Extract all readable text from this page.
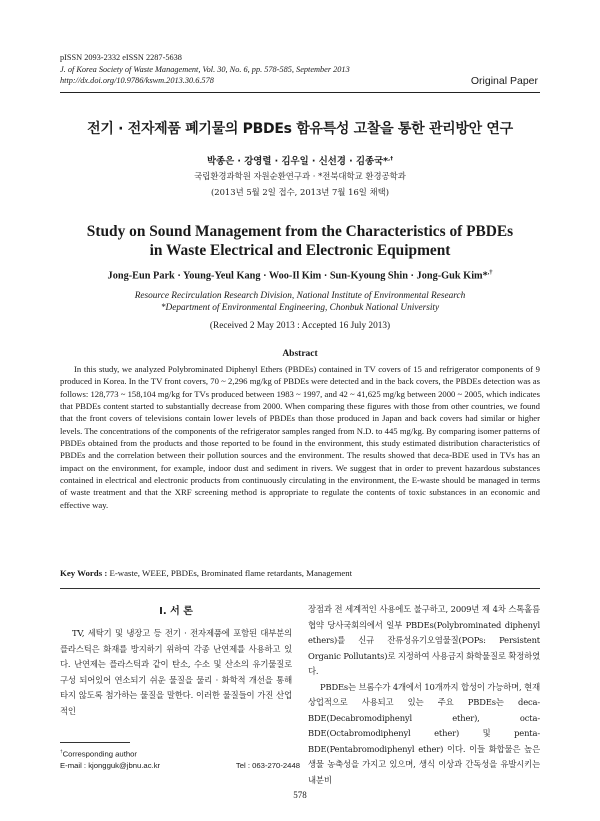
pISSN 2093-2332 eISSN 2287-5638
J. of Korea Society of Waste Management, Vol. 30, No. 6, pp. 578-585, September 2013
http://dx.doi.org/10.9786/kswm.2013.30.6.578	Original Paper
전기 · 전자제품 폐기물의 PBDEs 함유특성 고찰을 통한 관리방안 연구
박종은 · 강영렬 · 김우일 · 신선경 · 김종국*,†
국립환경과학원 자원순환연구과 · *전북대학교 환경공학과
(2013년 5월 2일 접수, 2013년 7월 16일 채택)
Study on Sound Management from the Characteristics of PBDEs
in Waste Electrical and Electronic Equipment
Jong-Eun Park · Young-Yeul Kang · Woo-Il Kim · Sun-Kyoung Shin · Jong-Guk Kim*,†
Resource Recirculation Research Division, National Institute of Environmental Research
*Department of Environmental Engineering, Chonbuk National University
(Received 2 May 2013 : Accepted 16 July 2013)
Abstract

In this study, we analyzed Polybrominated Diphenyl Ethers (PBDEs) contained in TV covers of 15 and refrigerator components of 9 produced in Korea. In the TV front covers, 70 ~ 2,296 mg/kg of PBDEs were detected and in the back covers, the PBDEs detection was as follows: 128,773 ~ 158,104 mg/kg for TVs produced between 1983 ~ 1997, and 42 ~ 41,625 mg/kg between 2000 ~ 2005, which indicates that PBDEs content started to substantially decrease from 2000. When comparing these figures with those from other countries, we found that the front covers of televisions contain lower levels of PBDEs than those produced in Japan and back covers had similar or higher levels. The concentrations of the components of the refrigerator samples ranged from N.D. to 445 mg/kg. By comparing isomer patterns of PBDEs obtained from the products and those reported to be found in the environment, this study estimated distribution characteristics of PBDEs and the correlation between their pollution sources and the environment. The results showed that deca-BDE used in TVs has an impact on the environment, for example, indoor dust and sediment in rivers. We suggest that in order to prevent hazardous substances contained in electrical and electronic products from continuously circulating in the environment, the E-waste should be managed in terms of waste treatment and that the XRF screening method is appropriate to regulate the contents of toxic substances in an economic and effective way.

Key Words : E-waste, WEEE, PBDEs, Brominated flame retardants, Management
I. 서 론

TV, 세탁기 및 냉장고 등 전기 · 전자제품에 포함된 대부분의 플라스틱은 화재를 방지하기 위하여 각종 난연제를 사용하고 있다. 난연제는 플라스틱과 같이 탄소, 수소 및 산소의 유기물질로 구성 되어있어 연소되기 쉬운 물질을 물리 · 화학적 개선을 통해 타지 않도록 첨가하는 물질을 말한다. 이러한 물질들이 가진 산업적인

장점과 전 세계적인 사용에도 불구하고, 2009년 제 4차 스톡홀름협약 당사국회의에서 일부 PBDEs(Polybrominated diphenyl ethers)를 신규 잔류성유기오염물질(POPs: Persistent Organic Pollutants)로 지정하여 사용금지 화학물질로 확정하였다.

PBDEs는 브롬수가 4개에서 10개까지 합성이 가능하며, 현재 상업적으로 사용되고 있는 주요 PBDEs는 deca-BDE(Decabromodiphenyl ether), octa-BDE(Octabromodiphenyl ether) 및 penta-BDE(Pentabromodiphenyl ether) 이다. 이들 화합물은 높은 생물 농축성을 가지고 있으며, 생식 이상과 간독성을 유발시키는 내분비

†Corresponding author
E-mail : kjongguk@jbnu.ac.kr	Tel : 063-270-2448
578
